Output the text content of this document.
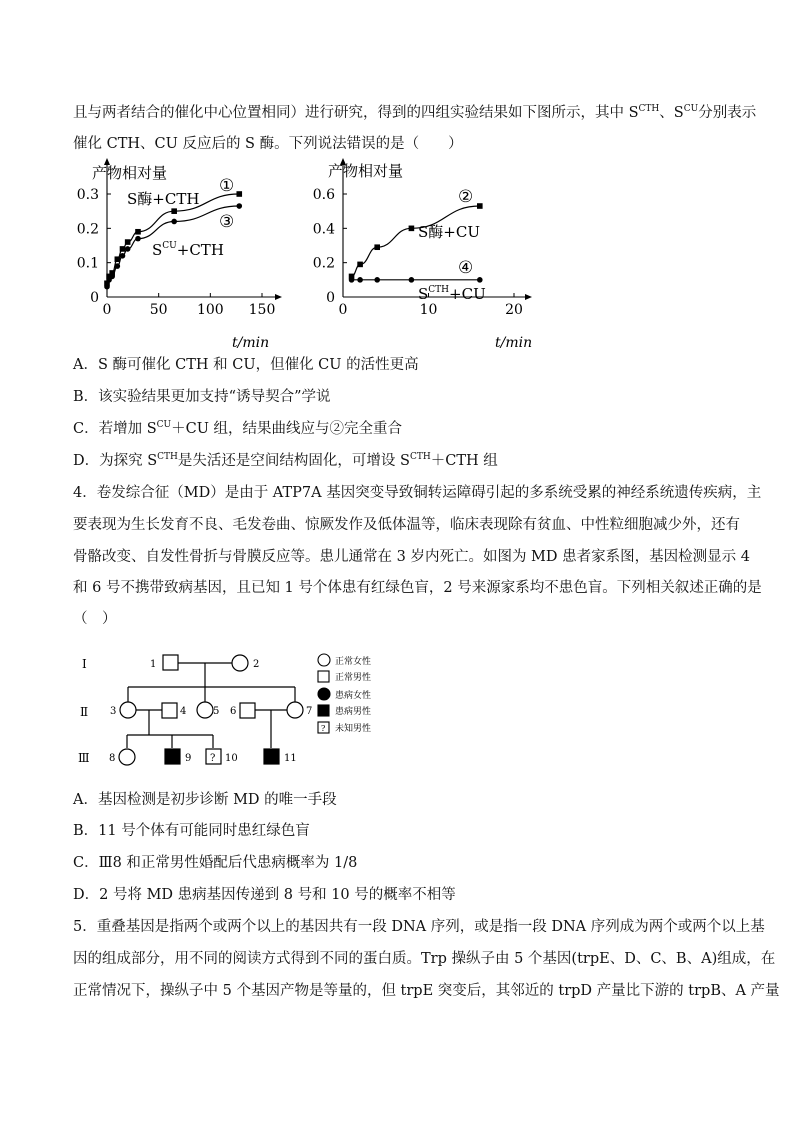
且与两者结合的催化中心位置相同）进行研究，得到的四组实验结果如下图所示，其中 $S^{CTH}$、$S^{CU}$分别表示
催化 CTH、CU 反应后的 S 酶。下列说法错误的是（　　）
0	50 100 150
0
0.1
0.2
0.3
产物相对量
t/min
①
S酶+CTH
③
$S^{CU}+CTH$
0	10	20
0
0.2
0.4
0.6
产物相对量
t/min
②
S酶+CU
④
$S^{CTH}+CU$
A．S 酶可催化 CTH 和 CU，但催化 CU 的活性更高
B．该实验结果更加支持“诱导契合”学说
C．若增加 $S^{CU}+CU$ 组，结果曲线应与②完全重合
D．为探究 $S^{CTH}$是失活还是空间结构固化，可增设 $S^{CTH}+CTH$ 组
4．卷发综合征（MD）是由于 ATP7A 基因突变导致铜转运障碍引起的多系统受累的神经系统遗传疾病，主
要表现为生长发育不良、毛发卷曲、惊厥发作及低体温等，临床表现除有贫血、中性粒细胞减少外，还有
骨骼改变、自发性骨折与骨膜反应等。患儿通常在 3 岁内死亡。如图为 MD 患者家系图，基因检测显示 4
和 6 号不携带致病基因，且已知 1 号个体患有红绿色盲，2 号来源家系均不患色盲。下列相关叙述正确的是
（　）
Ⅰ
Ⅱ
Ⅲ
1	2
3	4	5 6	7
8	9 ? 10	11
正常女性
正常男性
患病女性
患病男性
? 未知男性
A．基因检测是初步诊断 MD 的唯一手段
B．11 号个体有可能同时患红绿色盲
C．Ⅲ8 和正常男性婚配后代患病概率为 1/8
D．2 号将 MD 患病基因传递到 8 号和 10 号的概率不相等
5．重叠基因是指两个或两个以上的基因共有一段 DNA 序列，或是指一段 DNA 序列成为两个或两个以上基
因的组成部分，用不同的阅读方式得到不同的蛋白质。Trp 操纵子由 5 个基因(trpE、D、C、B、A)组成，在
正常情况下，操纵子中 5 个基因产物是等量的，但 trpE 突变后，其邻近的 trpD 产量比下游的 trpB、A 产量
